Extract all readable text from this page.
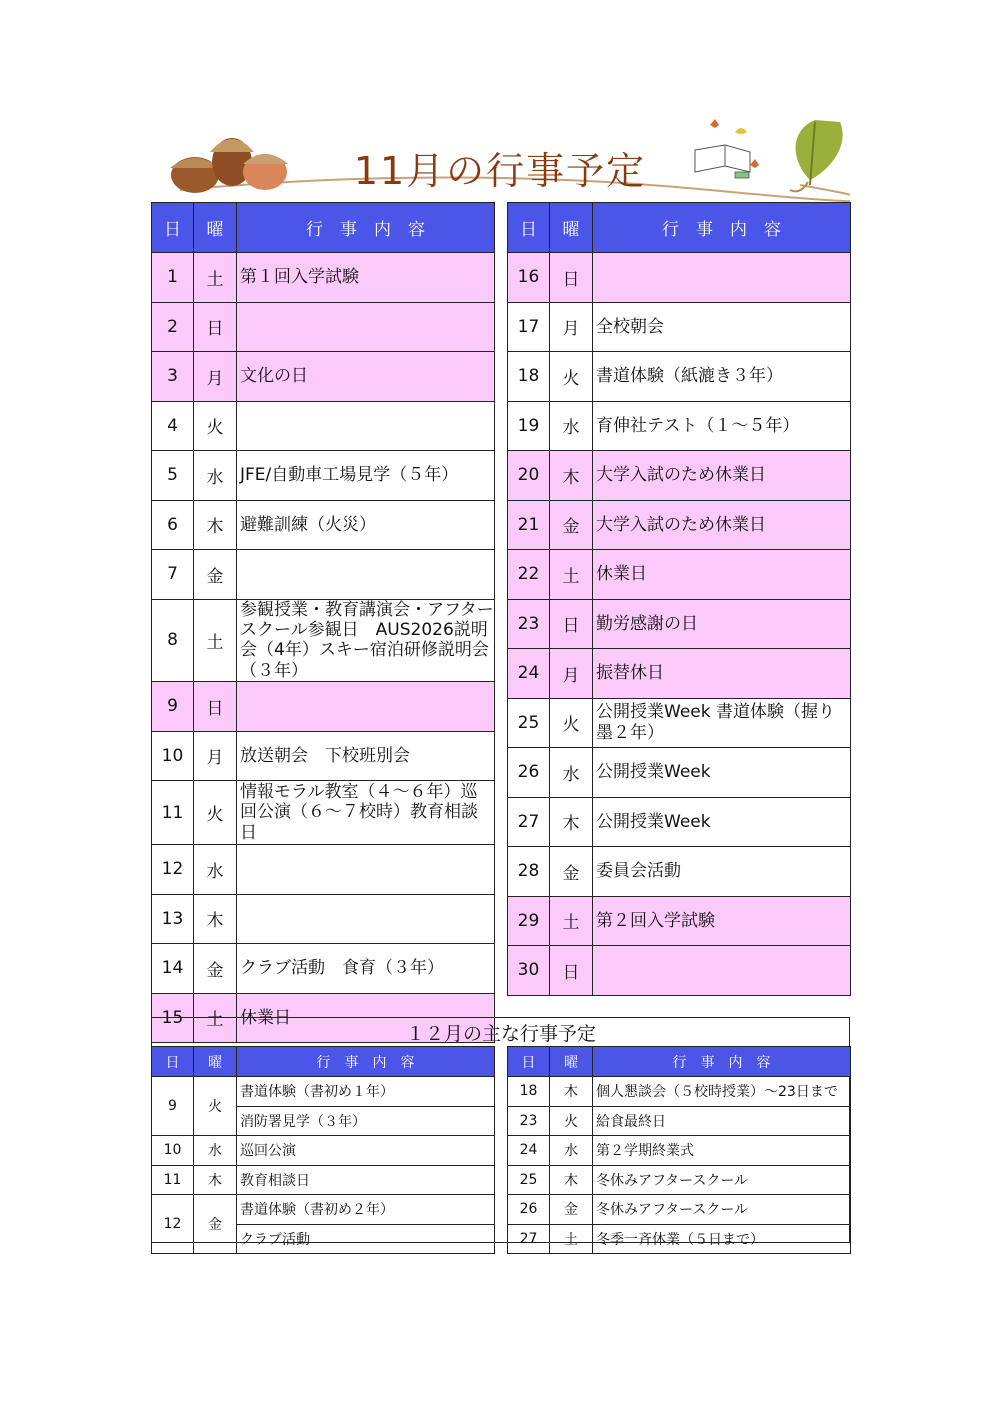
11月の行事予定
日	曜	行　事　内　容
1	土	第１回入学試験
2	日	
3	月	文化の日
4	火	
5	水	JFE/自動車工場見学（５年）
6	木	避難訓練（火災）
7	金	
8	土	参観授業・教育講演会・アフタースクール参観日　AUS2026説明会（4年）スキー宿泊研修説明会（３年）
9	日	
10	月	放送朝会　下校班別会
11	火	情報モラル教室（４～６年）巡回公演（６～７校時）教育相談日
12	水	
13	木	
14	金	クラブ活動　食育（３年）
15	土	休業日
日	曜	行　事　内　容
16	日	
17	月	全校朝会
18	火	書道体験（紙漉き３年）
19	水	育伸社テスト（１～５年）
20	木	大学入試のため休業日
21	金	大学入試のため休業日
22	土	休業日
23	日	勤労感謝の日
24	月	振替休日
25	火	公開授業Week 書道体験（握り墨２年）
26	水	公開授業Week
27	木	公開授業Week
28	金	委員会活動
29	土	第２回入学試験
30	日	
１２月の主な行事予定
日	曜	行　事　内　容
9	火	書道体験（書初め１年）
		消防署見学（３年）
10	水	巡回公演
11	木	教育相談日
12	金	書道体験（書初め２年）
		クラブ活動
日	曜	行　事　内　容
18	木	個人懇談会（５校時授業）～23日まで
23	火	給食最終日
24	水	第２学期終業式
25	木	冬休みアフタースクール
26	金	冬休みアフタースクール
27	土	冬季一斉休業（５日まで）
